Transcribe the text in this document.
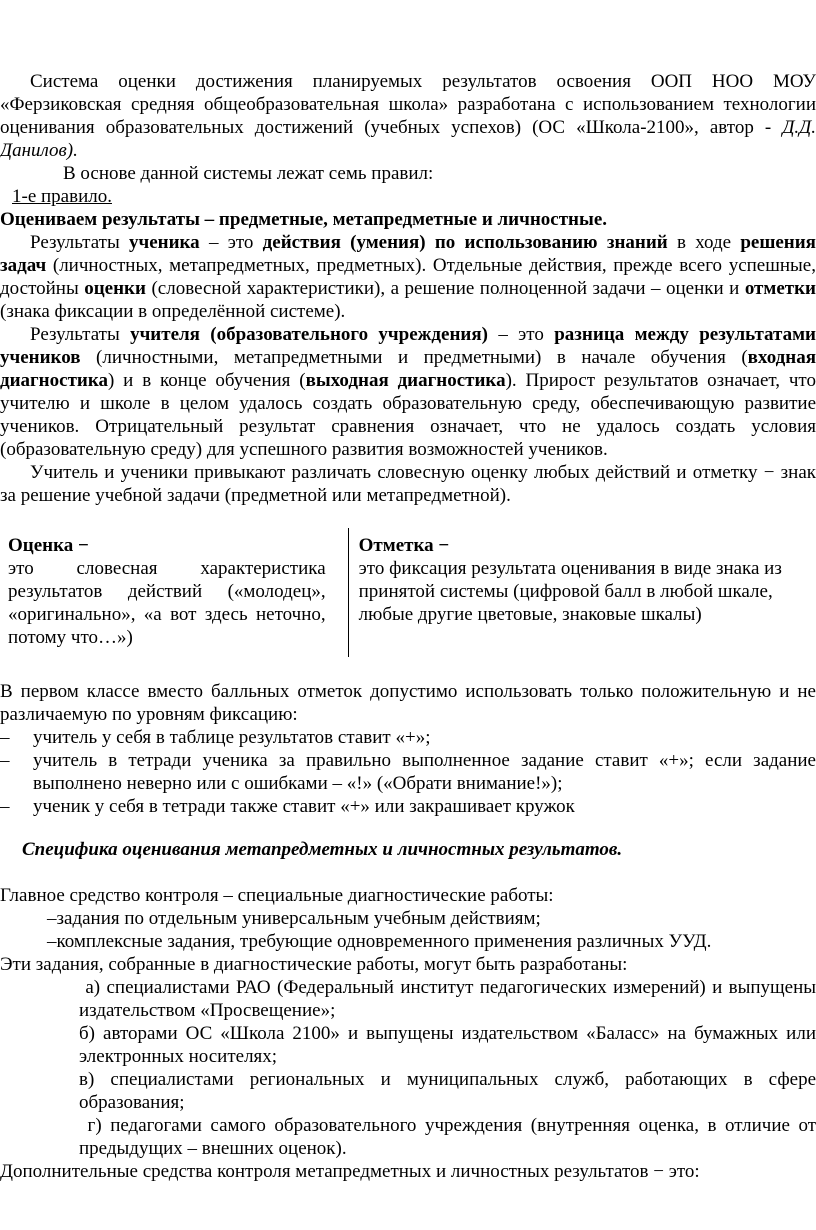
Система оценки достижения планируемых результатов освоения ООП НОО МОУ «Ферзиковская средняя общеобразовательная школа» разработана с использованием технологии оценивания образовательных достижений (учебных успехов) (ОС «Школа-2100», автор - Д.Д. Данилов).

В основе данной системы лежат семь правил:

1-е правило.

Оцениваем результаты – предметные, метапредметные и личностные.

Результаты ученика – это действия (умения) по использованию знаний в ходе решения задач (личностных, метапредметных, предметных). Отдельные действия, прежде всего успешные, достойны оценки (словесной характеристики), а решение полноценной задачи – оценки и отметки (знака фиксации в определённой системе).

Результаты учителя (образовательного учреждения) – это разница между результатами учеников (личностными, метапредметными и предметными) в начале обучения (входная диагностика) и в конце обучения (выходная диагностика). Прирост результатов означает, что учителю и школе в целом удалось создать образовательную среду, обеспечивающую развитие учеников. Отрицательный результат сравнения означает, что не удалось создать условия (образовательную среду) для успешного развития возможностей учеников.

Учитель и ученики привыкают различать словесную оценку любых действий и отметку − знак за решение учебной задачи (предметной или метапредметной).

Оценка −
это словесная характеристика результатов действий («молодец», «оригинально», «а вот здесь неточно, потому что…»)

Отметка −
это фиксация результата оценивания в виде знака из принятой системы (цифровой балл в любой шкале, любые другие цветовые, знаковые шкалы)

В первом классе вместо балльных отметок допустимо использовать только положительную и не различаемую по уровням фиксацию:

– учитель у себя в таблице результатов ставит «+»;
– учитель в тетради ученика за правильно выполненное задание ставит «+»; если задание выполнено неверно или с ошибками – «!» («Обрати внимание!»);
– ученик у себя в тетради также ставит «+» или закрашивает кружок

Специфика оценивания метапредметных и личностных результатов.

Главное средство контроля – специальные диагностические работы:

–задания по отдельным универсальным учебным действиям;

–комплексные задания, требующие одновременного применения различных УУД.

Эти задания, собранные в диагностические работы, могут быть разработаны:

а) специалистами РАО (Федеральный институт педагогических измерений) и выпущены издательством «Просвещение»;

б) авторами ОС «Школа 2100» и выпущены издательством «Баласс» на бумажных или электронных носителях;

в) специалистами региональных и муниципальных служб, работающих в сфере образования;

г) педагогами самого образовательного учреждения (внутренняя оценка, в отличие от предыдущих – внешних оценок).

Дополнительные средства контроля метапредметных и личностных результатов − это:
